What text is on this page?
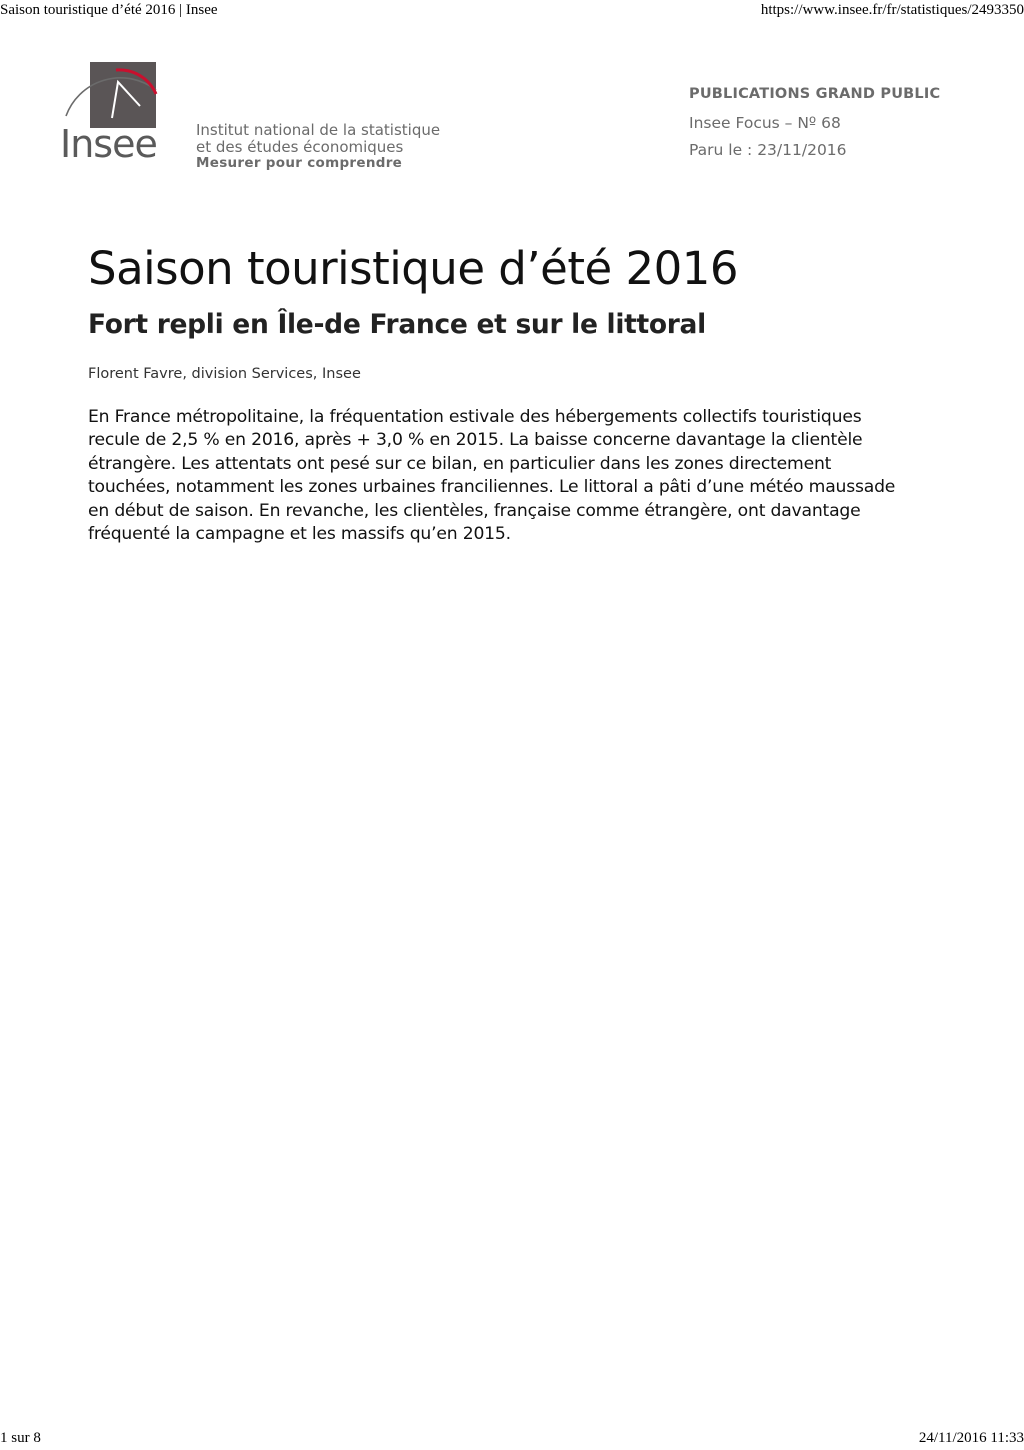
Saison touristique d’été 2016 | Insee	https://www.insee.fr/fr/statistiques/2493350
Insee	Institut national de la statistique
et des études économiques
Mesurer pour comprendre
PUBLICATIONS GRAND PUBLIC
Insee Focus – Nº 68
Paru le : 23/11/2016
Saison touristique d’été 2016
Fort repli en Île-de France et sur le littoral

Florent Favre, division Services, Insee

En France métropolitaine, la fréquentation estivale des hébergements collectifs touristiques recule de 2,5 % en 2016, après + 3,0 % en 2015. La baisse concerne davantage la clientèle étrangère. Les attentats ont pesé sur ce bilan, en particulier dans les zones directement touchées, notamment les zones urbaines franciliennes. Le littoral a pâti d’une météo maussade en début de saison. En revanche, les clientèles, française comme étrangère, ont davantage fréquenté la campagne et les massifs qu’en 2015.

1 sur 8	24/11/2016 11:33
